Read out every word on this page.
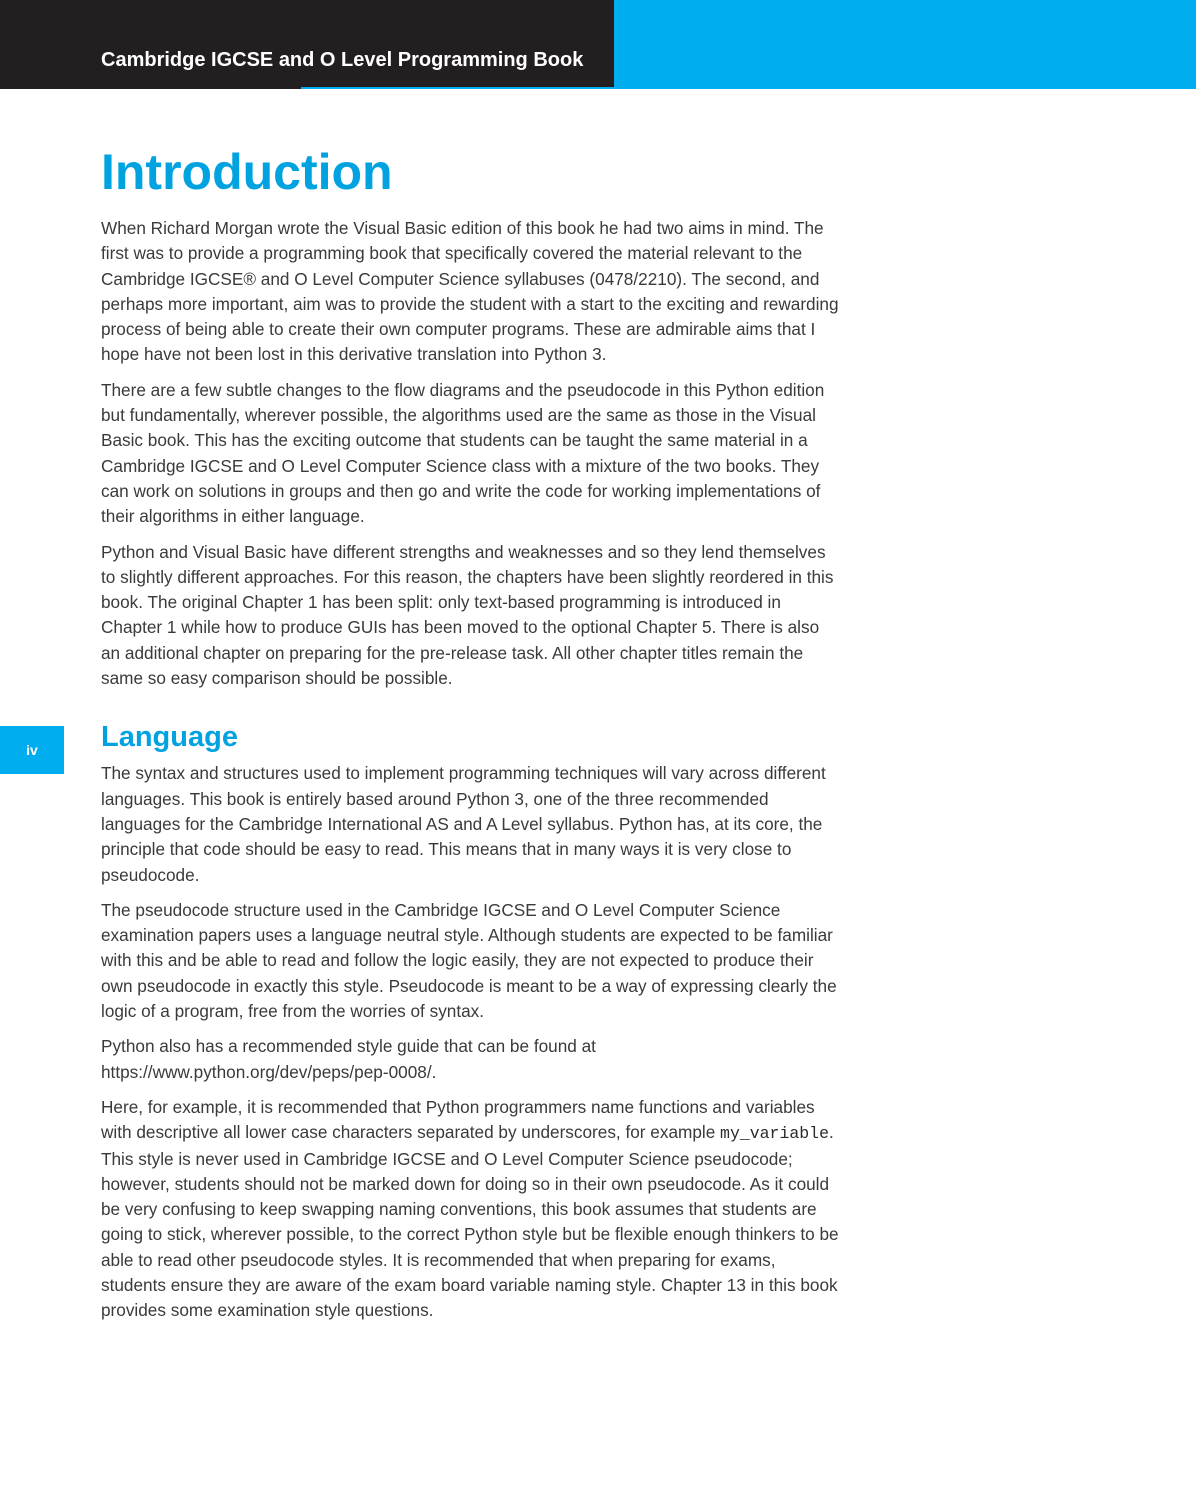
Cambridge IGCSE and O Level Programming Book
iv
Introduction

When Richard Morgan wrote the Visual Basic edition of this book he had two aims in mind. The first was to provide a programming book that specifically covered the material relevant to the Cambridge IGCSE® and O Level Computer Science syllabuses (0478/2210). The second, and perhaps more important, aim was to provide the student with a start to the exciting and rewarding process of being able to create their own computer programs. These are admirable aims that I hope have not been lost in this derivative translation into Python 3.

There are a few subtle changes to the flow diagrams and the pseudocode in this Python edition but fundamentally, wherever possible, the algorithms used are the same as those in the Visual Basic book. This has the exciting outcome that students can be taught the same material in a Cambridge IGCSE and O Level Computer Science class with a mixture of the two books. They can work on solutions in groups and then go and write the code for working implementations of their algorithms in either language.

Python and Visual Basic have different strengths and weaknesses and so they lend themselves to slightly different approaches. For this reason, the chapters have been slightly reordered in this book. The original Chapter 1 has been split: only text-based programming is introduced in Chapter 1 while how to produce GUIs has been moved to the optional Chapter 5. There is also an additional chapter on preparing for the pre-release task. All other chapter titles remain the same so easy comparison should be possible.

Language

The syntax and structures used to implement programming techniques will vary across different languages. This book is entirely based around Python 3, one of the three recommended languages for the Cambridge International AS and A Level syllabus. Python has, at its core, the principle that code should be easy to read. This means that in many ways it is very close to pseudocode.

The pseudocode structure used in the Cambridge IGCSE and O Level Computer Science examination papers uses a language neutral style. Although students are expected to be familiar with this and be able to read and follow the logic easily, they are not expected to produce their own pseudocode in exactly this style. Pseudocode is meant to be a way of expressing clearly the logic of a program, free from the worries of syntax.

Python also has a recommended style guide that can be found at
https://www.python.org/dev/peps/pep-0008/.

Here, for example, it is recommended that Python programmers name functions and variables with descriptive all lower case characters separated by underscores, for example my_variable. This style is never used in Cambridge IGCSE and O Level Computer Science pseudocode; however, students should not be marked down for doing so in their own pseudocode. As it could be very confusing to keep swapping naming conventions, this book assumes that students are going to stick, wherever possible, to the correct Python style but be flexible enough thinkers to be able to read other pseudocode styles. It is recommended that when preparing for exams, students ensure they are aware of the exam board variable naming style. Chapter 13 in this book provides some examination style questions.
